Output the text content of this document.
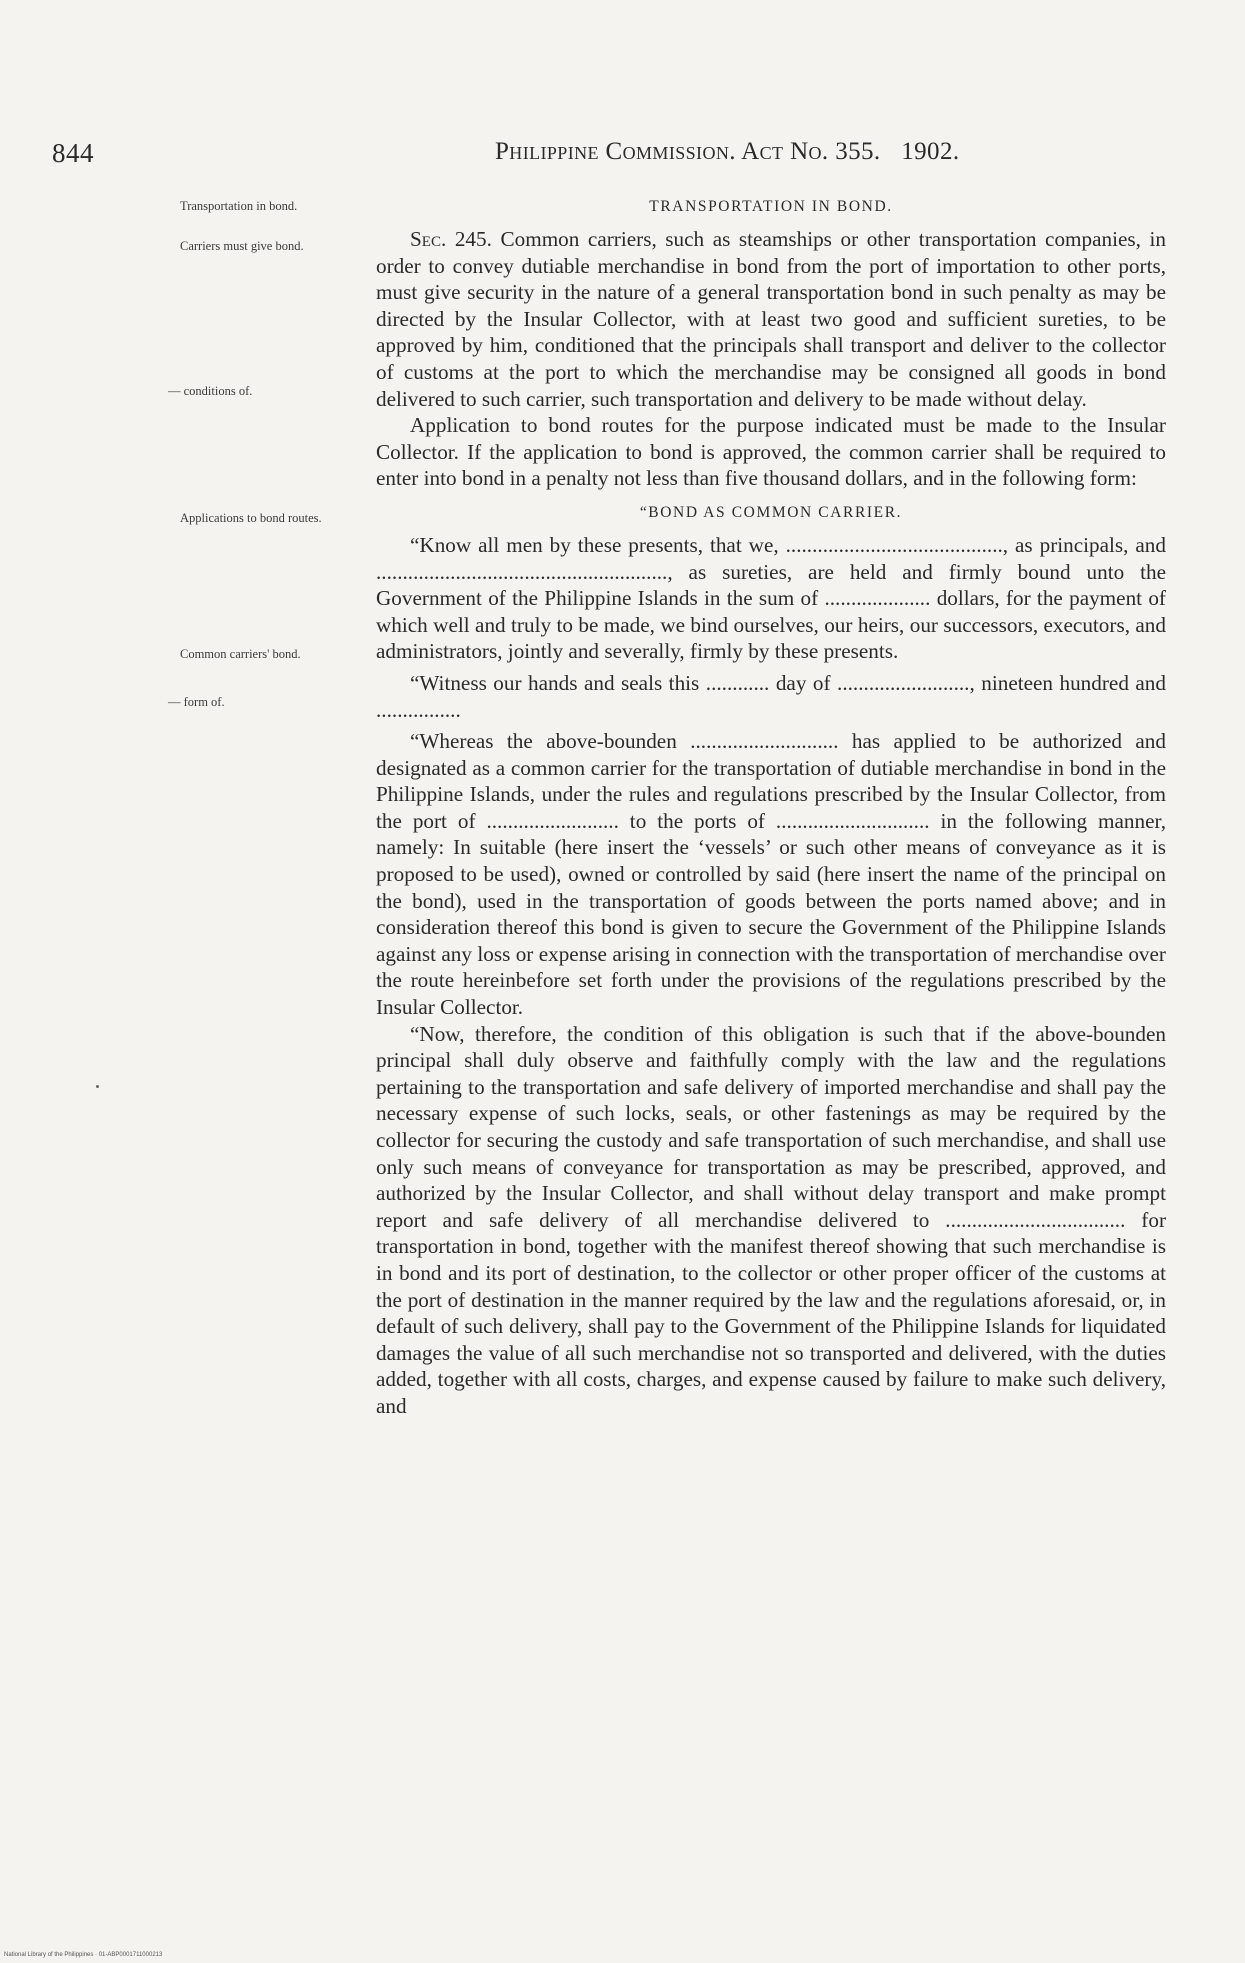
844	Philippine Commission. Act No. 355. 1902.
Transportation in bond.
Carriers must give bond.
— conditions of.
Applications to bond routes.
Common carriers' bond.
— form of.
TRANSPORTATION IN BOND.

Sec. 245. Common carriers, such as steamships or other transportation companies, in order to convey dutiable merchandise in bond from the port of importation to other ports, must give security in the nature of a general transportation bond in such penalty as may be directed by the Insular Collector, with at least two good and sufficient sureties, to be approved by him, conditioned that the principals shall transport and deliver to the collector of customs at the port to which the merchandise may be consigned all goods in bond delivered to such carrier, such transportation and delivery to be made without delay.

Application to bond routes for the purpose indicated must be made to the Insular Collector. If the application to bond is approved, the common carrier shall be required to enter into bond in a penalty not less than five thousand dollars, and in the following form:

“BOND AS COMMON CARRIER.

“Know all men by these presents, that we, ........................................., as principals, and ......................................................., as sureties, are held and firmly bound unto the Government of the Philippine Islands in the sum of .................... dollars, for the payment of which well and truly to be made, we bind ourselves, our heirs, our successors, executors, and administrators, jointly and severally, firmly by these presents.

“Witness our hands and seals this ............ day of ........................., nineteen hundred and ................

“Whereas the above-bounden ............................ has applied to be authorized and designated as a common carrier for the transportation of dutiable merchandise in bond in the Philippine Islands, under the rules and regulations prescribed by the Insular Collector, from the port of ......................... to the ports of ............................. in the following manner, namely: In suitable (here insert the ‘vessels’ or such other means of conveyance as it is proposed to be used), owned or controlled by said (here insert the name of the principal on the bond), used in the transportation of goods between the ports named above; and in consideration thereof this bond is given to secure the Government of the Philippine Islands against any loss or expense arising in connection with the transportation of merchandise over the route hereinbefore set forth under the provisions of the regulations prescribed by the Insular Collector.

“Now, therefore, the condition of this obligation is such that if the above-bounden principal shall duly observe and faithfully comply with the law and the regulations pertaining to the transportation and safe delivery of imported merchandise and shall pay the necessary expense of such locks, seals, or other fastenings as may be required by the collector for securing the custody and safe transportation of such merchandise, and shall use only such means of conveyance for transportation as may be prescribed, approved, and authorized by the Insular Collector, and shall without delay transport and make prompt report and safe delivery of all merchandise delivered to .................................. for transportation in bond, together with the manifest thereof showing that such merchandise is in bond and its port of destination, to the collector or other proper officer of the customs at the port of destination in the manner required by the law and the regulations aforesaid, or, in default of such delivery, shall pay to the Government of the Philippine Islands for liquidated damages the value of all such merchandise not so transported and delivered, with the duties added, together with all costs, charges, and expense caused by failure to make such delivery, and

National Library of the Philippines · 01-ABP0001711000213
